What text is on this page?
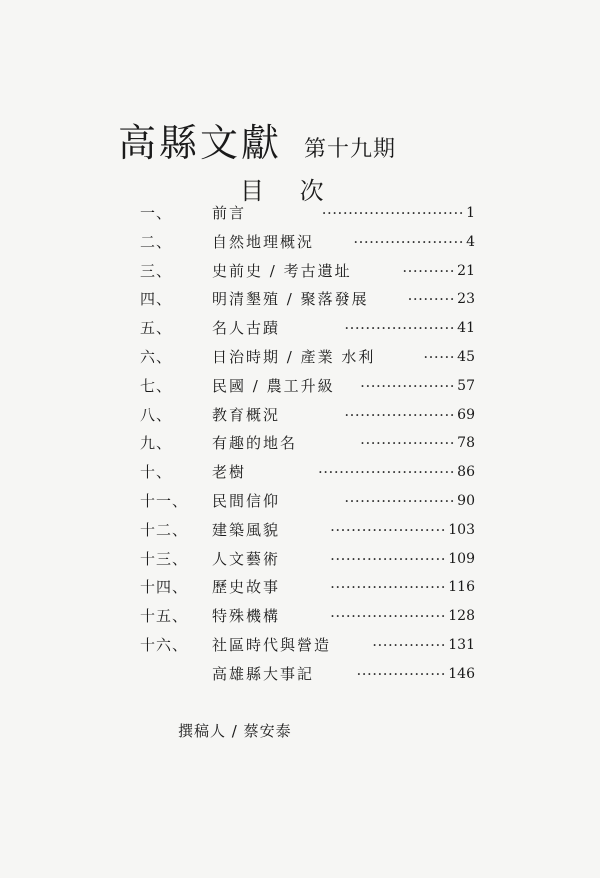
高縣文獻 第十九期
目 次
一、	前言	··························· 1
二、	自然地理概況	····················· 4
三、	史前史 / 考古遺址	·········· 21
四、	明清墾殖 / 聚落發展	········· 23
五、	名人古蹟	····················· 41
六、	日治時期 / 產業 水利	······ 45
七、	民國 / 農工升級	·················· 57
八、	教育概況	····················· 69
九、	有趣的地名	·················· 78
十、	老樹	·························· 86
十一、 民間信仰	····················· 90
十二、 建築風貌	······················ 103
十三、 人文藝術	······················ 109
十四、 歷史故事	······················ 116
十五、 特殊機構	······················ 128
十六、 社區時代與營造	·············· 131
高雄縣大事記	················· 146
撰稿人 / 蔡安泰
